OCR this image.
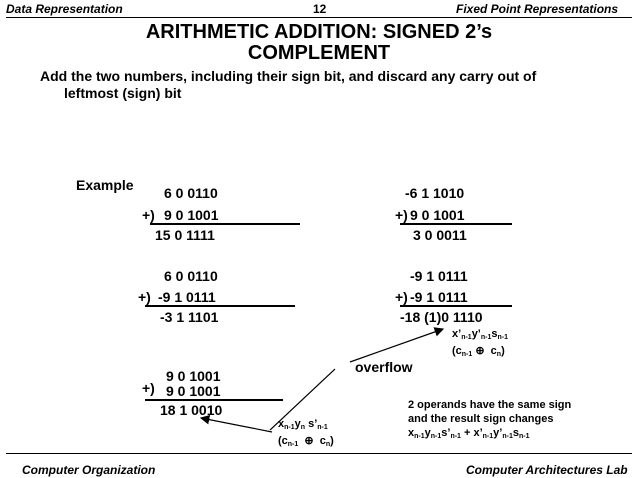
Data Representation	12	Fixed Point Representations
ARITHMETIC ADDITION: SIGNED 2’s COMPLEMENT
Add the two numbers, including their sign bit, and discard any carry out of
leftmost (sign) bit
Example 6 0 0110
+) 9 0 1001
15 0 1111
-6 1 1010
+) 9 0 1001
3 0 0011
6 0 0110
+) -9 1 0111
-3 1 1101
-9 1 0111
+) -9 1 0111
-18 (1)0 1110
$x’_{n-1}y’_{n-1}s_{n-1}$
($c_{n-1}$ ⊕  $c_n$)
overflow
9 0 1001
+) 9 0 1001
18 1 0010
$x_{n-1}y_n$ $s’_{n-1}$
($c_{n-1}$  ⊕  $c_n$)
2 operands have the same sign
and the result sign changes
$x_{n-1}y_{n-1}s’_{n-1}$ + $x’_{n-1}y’_{n-1}s_{n-1}$
Computer Organization	Computer Architectures Lab
